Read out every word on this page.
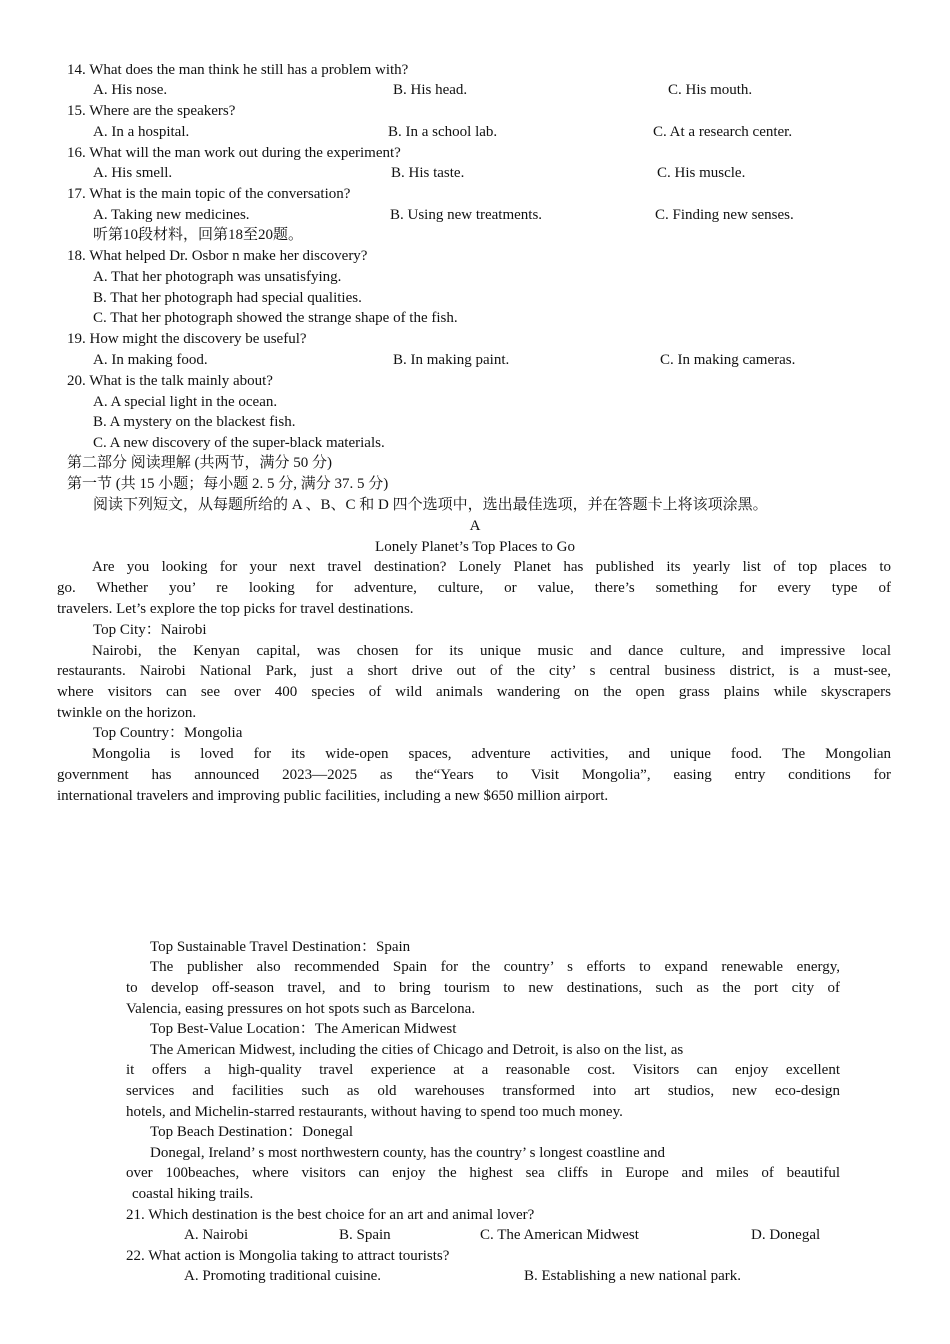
14. What does the man think he still has a problem with?
A. His nose.	B. His head.	C. His mouth.
15. Where are the speakers?
A. In a hospital.	B. In a school lab.	C. At a research center.
16. What will the man work out during the experiment?
A. His smell.	B. His taste.	C. His muscle.
17. What is the main topic of the conversation?
A. Taking new medicines.	B. Using new treatments.	C. Finding new senses.
听第10段材料，回第18至20题。
18. What helped Dr. Osbor n make her discovery?
A. That her photograph was unsatisfying.
B. That her photograph had special qualities.
C. That her photograph showed the strange shape of the fish.
19. How might the discovery be useful?
A. In making food.	B. In making paint.	C. In making cameras.
20. What is the talk mainly about?
A. A special light in the ocean.
B. A mystery on the blackest fish.
C. A new discovery of the super-black materials.
第二部分 阅读理解 (共两节，满分 50 分)
第一节 (共 15 小题；每小题 2. 5 分, 满分 37. 5 分)
阅读下列短文，从每题所给的 A 、B、C 和 D 四个选项中，选出最佳选项，并在答题卡上将该项涂黑。
A
Lonely Planet’s Top Places to Go
Are you looking for your next travel destination? Lonely Planet has published its yearly list of top places to
go. Whether you’ re looking for adventure, culture, or value, there’s something for every type of
travelers. Let’s explore the top picks for travel destinations.
Top City：Nairobi
Nairobi, the Kenyan capital, was chosen for its unique music and dance culture, and impressive local
restaurants. Nairobi National Park, just a short drive out of the city’ s central business district, is a must-see,
where visitors can see over 400 species of wild animals wandering on the open grass plains while skyscrapers
twinkle on the horizon.
Top Country：Mongolia
Mongolia is loved for its wide-open spaces, adventure activities, and unique food. The Mongolian
government has announced 2023—2025 as the“Years to Visit Mongolia”, easing entry conditions for
international travelers and improving public facilities, including a new $650 million airport.
Top Sustainable Travel Destination：Spain
The publisher also recommended Spain for the country’ s efforts to expand renewable energy,
to develop off-season travel, and to bring tourism to new destinations, such as the port city of
Valencia, easing pressures on hot spots such as Barcelona.
Top Best-Value Location：The American Midwest
The American Midwest, including the cities of Chicago and Detroit, is also on the list, as
it offers a high-quality travel experience at a reasonable cost. Visitors can enjoy excellent
services and facilities such as old warehouses transformed into art studios, new eco-design
hotels, and Michelin-starred restaurants, without having to spend too much money.
Top Beach Destination：Donegal
Donegal, Ireland’ s most northwestern county, has the country’ s longest coastline and
over 100beaches, where visitors can enjoy the highest sea cliffs in Europe and miles of beautiful
coastal hiking trails.
21. Which destination is the best choice for an art and animal lover?
A. Nairobi	B. Spain	C. The American Midwest	D. Donegal
22. What action is Mongolia taking to attract tourists?
A. Promoting traditional cuisine.	B. Establishing a new national park.
